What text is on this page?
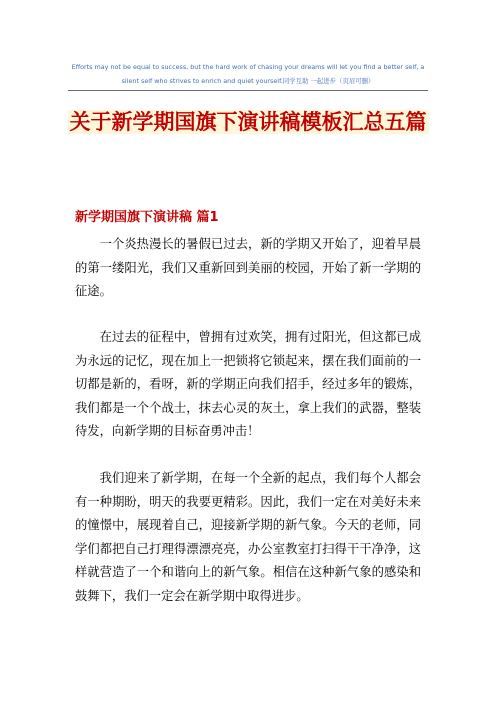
Efforts may not be equal to success, but the hard work of chasing your dreams will let you find a better self, a silent self who strives to enrich and quiet yourself.同学互助 一起进步（页眉可删）
关于新学期国旗下演讲稿模板汇总五篇
新学期国旗下演讲稿 篇1

一个炎热漫长的暑假已过去，新的学期又开始了，迎着早晨的第一缕阳光，我们又重新回到美丽的校园，开始了新一学期的征途。

在过去的征程中，曾拥有过欢笑，拥有过阳光，但这都已成为永远的记忆，现在加上一把锁将它锁起来，摆在我们面前的一切都是新的，看呀，新的学期正向我们招手，经过多年的锻炼，我们都是一个个战士，抹去心灵的灰土，拿上我们的武器，整装待发，向新学期的目标奋勇冲击！

我们迎来了新学期，在每一个全新的起点，我们每个人都会有一种期盼，明天的我要更精彩。因此，我们一定在对美好未来的憧憬中，展现着自己，迎接新学期的新气象。今天的老师，同学们都把自己打理得漂漂亮亮，办公室教室打扫得干干净净，这样就营造了一个和谐向上的新气象。相信在这种新气象的感染和鼓舞下，我们一定会在新学期中取得进步。
